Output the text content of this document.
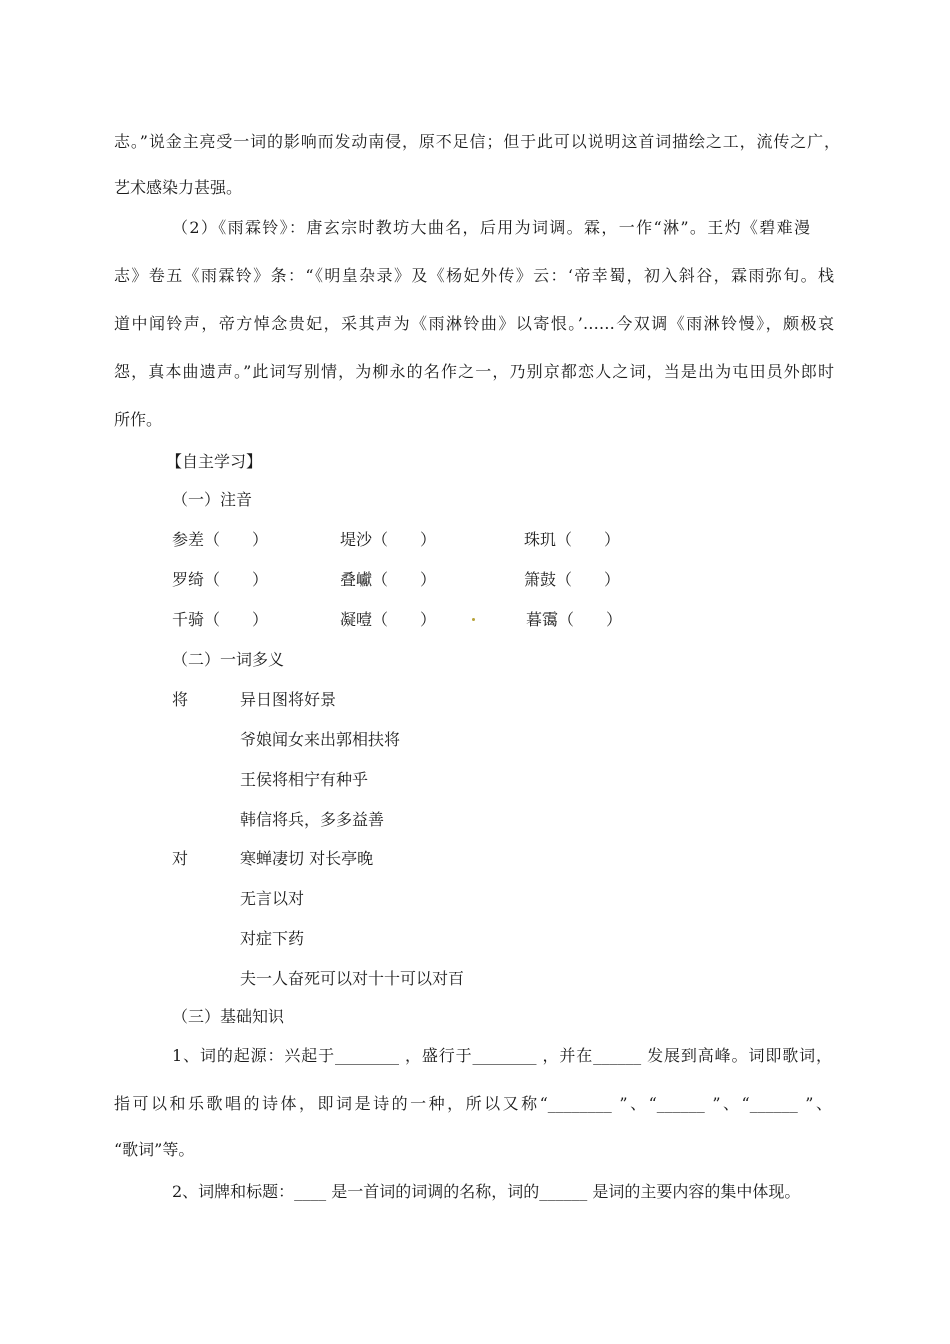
志。”说金主亮受一词的影响而发动南侵，原不足信；但于此可以说明这首词描绘之工，流传之广，
艺术感染力甚强。
（2）《雨霖铃》：唐玄宗时教坊大曲名，后用为词调。霖，一作“淋”。王灼《碧难漫
志》卷五《雨霖铃》条：“《明皇杂录》及《杨妃外传》云：‘帝幸蜀，初入斜谷，霖雨弥旬。栈
道中闻铃声，帝方悼念贵妃，采其声为《雨淋铃曲》以寄恨。’……今双调《雨淋铃慢》，颇极哀
怨，真本曲遗声。”此词写别情，为柳永的名作之一，乃别京都恋人之词，当是出为屯田员外郎时
所作。
【自主学习】
（一）注音
参差（　　）	堤沙（　　）	珠玑（　　）
罗绮（　　）	叠巘（　　）	箫鼓（　　）
千骑（　　）	凝噎（　　）	暮霭（　　）
（二）一词多义
将	异日图将好景
爷娘闻女来出郭相扶将
王侯将相宁有种乎
韩信将兵，多多益善
对	寒蝉凄切 对长亭晚
无言以对
对症下药
夫一人奋死可以对十十可以对百
（三）基础知识
1、词的起源：兴起于________ ，盛行于________ ，并在______ 发展到高峰。词即歌词，
指可以和乐歌唱的诗体，即词是诗的一种，所以又称“________ ”、“______ ”、“______ ”、
“歌词”等。
2、词牌和标题：____ 是一首词的词调的名称，词的______ 是词的主要内容的集中体现。
